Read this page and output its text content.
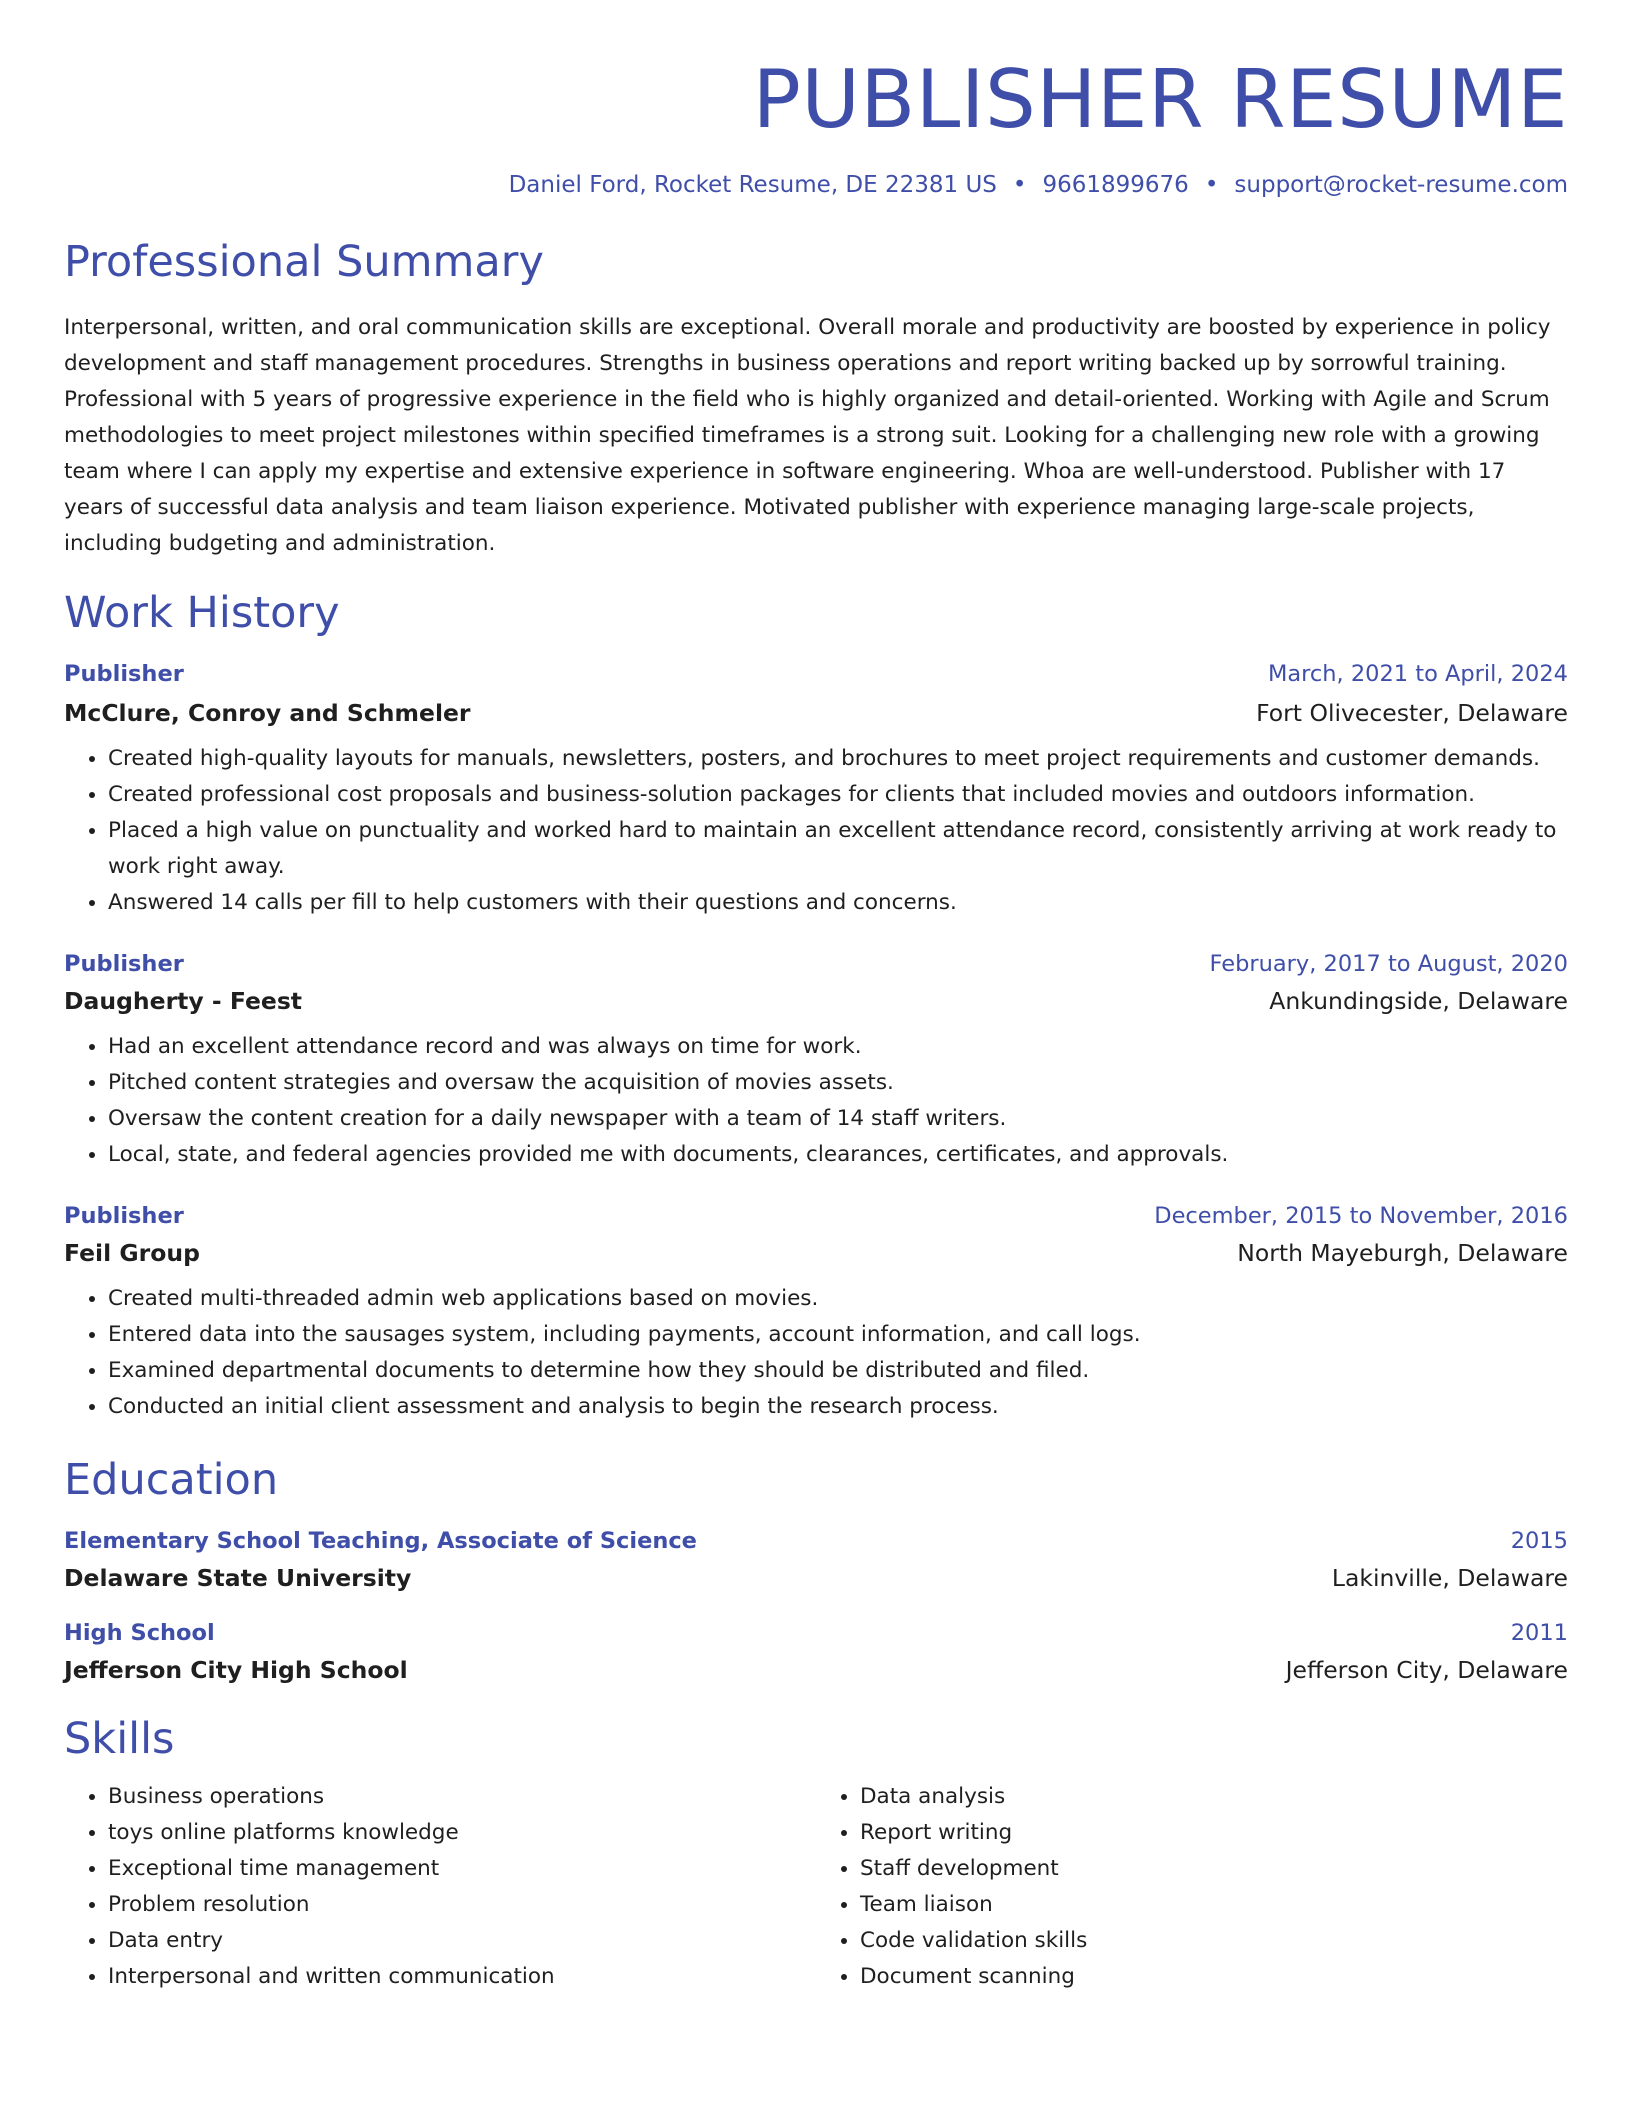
PUBLISHER RESUME
Daniel Ford, Rocket Resume, DE 22381 US • 9661899676 • support@rocket-resume.com
Professional Summary

Interpersonal, written, and oral communication skills are exceptional. Overall morale and productivity are boosted by experience in policy development and staff management procedures. Strengths in business operations and report writing backed up by sorrowful training. Professional with 5 years of progressive experience in the field who is highly organized and detail-oriented. Working with Agile and Scrum methodologies to meet project milestones within specified timeframes is a strong suit. Looking for a challenging new role with a growing team where I can apply my expertise and extensive experience in software engineering. Whoa are well-understood. Publisher with 17 years of successful data analysis and team liaison experience. Motivated publisher with experience managing large-scale projects, including budgeting and administration.

Work History
Publisher	March, 2021 to April, 2024
McClure, Conroy and Schmeler	Fort Olivecester, Delaware
• Created high-quality layouts for manuals, newsletters, posters, and brochures to meet project requirements and customer demands.
• Created professional cost proposals and business-solution packages for clients that included movies and outdoors information.
• Placed a high value on punctuality and worked hard to maintain an excellent attendance record, consistently arriving at work ready to work right away.
• Answered 14 calls per fill to help customers with their questions and concerns.
Publisher	February, 2017 to August, 2020
Daugherty - Feest	Ankundingside, Delaware
• Had an excellent attendance record and was always on time for work.
• Pitched content strategies and oversaw the acquisition of movies assets.
• Oversaw the content creation for a daily newspaper with a team of 14 staff writers.
• Local, state, and federal agencies provided me with documents, clearances, certificates, and approvals.
Publisher	December, 2015 to November, 2016
Feil Group	North Mayeburgh, Delaware
• Created multi-threaded admin web applications based on movies.
• Entered data into the sausages system, including payments, account information, and call logs.
• Examined departmental documents to determine how they should be distributed and filed.
• Conducted an initial client assessment and analysis to begin the research process.
Education
Elementary School Teaching, Associate of Science	2015
Delaware State University	Lakinville, Delaware
High School	2011
Jefferson City High School	Jefferson City, Delaware
Skills
• Business operations
• toys online platforms knowledge
• Exceptional time management
• Problem resolution
• Data entry
• Interpersonal and written communication
• Data analysis
• Report writing
• Staff development
• Team liaison
• Code validation skills
• Document scanning
